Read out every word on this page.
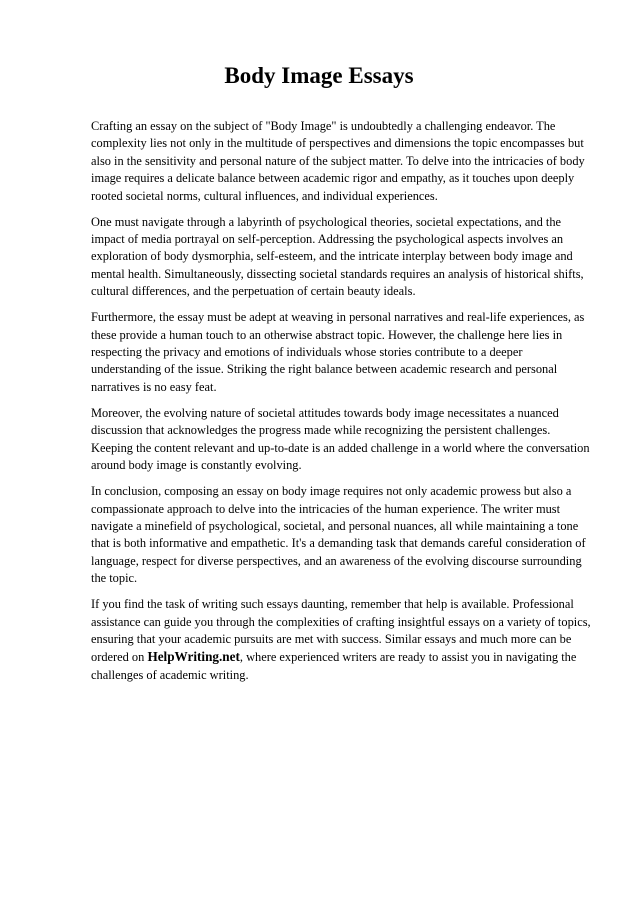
Body Image Essays

Crafting an essay on the subject of "Body Image" is undoubtedly a challenging endeavor. The complexity lies not only in the multitude of perspectives and dimensions the topic encompasses but also in the sensitivity and personal nature of the subject matter. To delve into the intricacies of body image requires a delicate balance between academic rigor and empathy, as it touches upon deeply rooted societal norms, cultural influences, and individual experiences.

One must navigate through a labyrinth of psychological theories, societal expectations, and the impact of media portrayal on self-perception. Addressing the psychological aspects involves an exploration of body dysmorphia, self-esteem, and the intricate interplay between body image and mental health. Simultaneously, dissecting societal standards requires an analysis of historical shifts, cultural differences, and the perpetuation of certain beauty ideals.

Furthermore, the essay must be adept at weaving in personal narratives and real-life experiences, as these provide a human touch to an otherwise abstract topic. However, the challenge here lies in respecting the privacy and emotions of individuals whose stories contribute to a deeper understanding of the issue. Striking the right balance between academic research and personal narratives is no easy feat.

Moreover, the evolving nature of societal attitudes towards body image necessitates a nuanced discussion that acknowledges the progress made while recognizing the persistent challenges. Keeping the content relevant and up-to-date is an added challenge in a world where the conversation around body image is constantly evolving.

In conclusion, composing an essay on body image requires not only academic prowess but also a compassionate approach to delve into the intricacies of the human experience. The writer must navigate a minefield of psychological, societal, and personal nuances, all while maintaining a tone that is both informative and empathetic. It's a demanding task that demands careful consideration of language, respect for diverse perspectives, and an awareness of the evolving discourse surrounding the topic.

If you find the task of writing such essays daunting, remember that help is available. Professional assistance can guide you through the complexities of crafting insightful essays on a variety of topics, ensuring that your academic pursuits are met with success. Similar essays and much more can be ordered on HelpWriting.net, where experienced writers are ready to assist you in navigating the challenges of academic writing.
